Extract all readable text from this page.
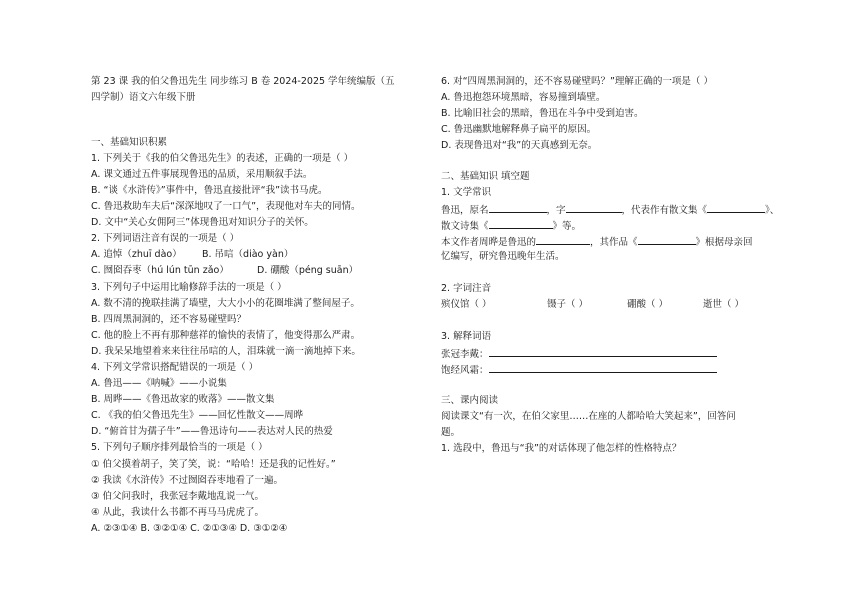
第 23 课 我的伯父鲁迅先生 同步练习 B 卷 2024-2025 学年统编版（五
四学制）语文六年级下册
一、基础知识积累
1. 下列关于《我的伯父鲁迅先生》的表述，正确的一项是（ ）
A. 课文通过五件事展现鲁迅的品质，采用顺叙手法。
B. “谈《水浒传》”事件中，鲁迅直接批评“我”读书马虎。
C. 鲁迅救助车夫后“深深地叹了一口气”，表现他对车夫的同情。
D. 文中“关心女佣阿三”体现鲁迅对知识分子的关怀。
2. 下列词语注音有误的一项是（ ）
A. 追悼（zhuī dào） B. 吊唁（diào yàn）
C. 囫囵吞枣（hú lún tūn zǎo）	D. 硼酸（péng suān）
3. 下列句子中运用比喻修辞手法的一项是（ ）
A. 数不清的挽联挂满了墙壁，大大小小的花圈堆满了整间屋子。
B. 四周黑洞洞的，还不容易碰壁吗？
C. 他的脸上不再有那种慈祥的愉快的表情了，他变得那么严肃。
D. 我呆呆地望着来来往往吊唁的人，泪珠就一滴一滴地掉下来。
4. 下列文学常识搭配错误的一项是（ ）
A. 鲁迅——《呐喊》——小说集
B. 周晔——《鲁迅故家的败落》——散文集
C. 《我的伯父鲁迅先生》——回忆性散文——周晔
D. “俯首甘为孺子牛”——鲁迅诗句——表达对人民的热爱
5. 下列句子顺序排列最恰当的一项是（ ）
① 伯父摸着胡子，笑了笑，说：“哈哈！还是我的记性好。”
② 我读《水浒传》不过囫囵吞枣地看了一遍。
③ 伯父问我时，我张冠李戴地乱说一气。
④ 从此，我读什么书都不再马马虎虎了。
A. ②③①④ B. ③②①④ C. ②①③④ D. ③①②④
6. 对“四周黑洞洞的，还不容易碰壁吗？”理解正确的一项是（ ）
A. 鲁迅抱怨环境黑暗，容易撞到墙壁。
B. 比喻旧社会的黑暗，鲁迅在斗争中受到迫害。
C. 鲁迅幽默地解释鼻子扁平的原因。
D. 表现鲁迅对“我”的天真感到无奈。
二、基础知识 填空题
1. 文学常识
鲁迅，原名	，字	，代表作有散文集《	》、
散文诗集《	》等。
本文作者周晔是鲁迅的	，其作品《	》根据母亲回
忆编写，研究鲁迅晚年生活。
2. 字词注音
殡仪馆（ ）	镊子（ ）	硼酸（ ）	逝世（ ）
3. 解释词语
张冠李戴：
饱经风霜：
三、课内阅读
阅读课文“有一次，在伯父家里……在座的人都哈哈大笑起来”，回答问
题。
1. 选段中，鲁迅与“我”的对话体现了他怎样的性格特点？
